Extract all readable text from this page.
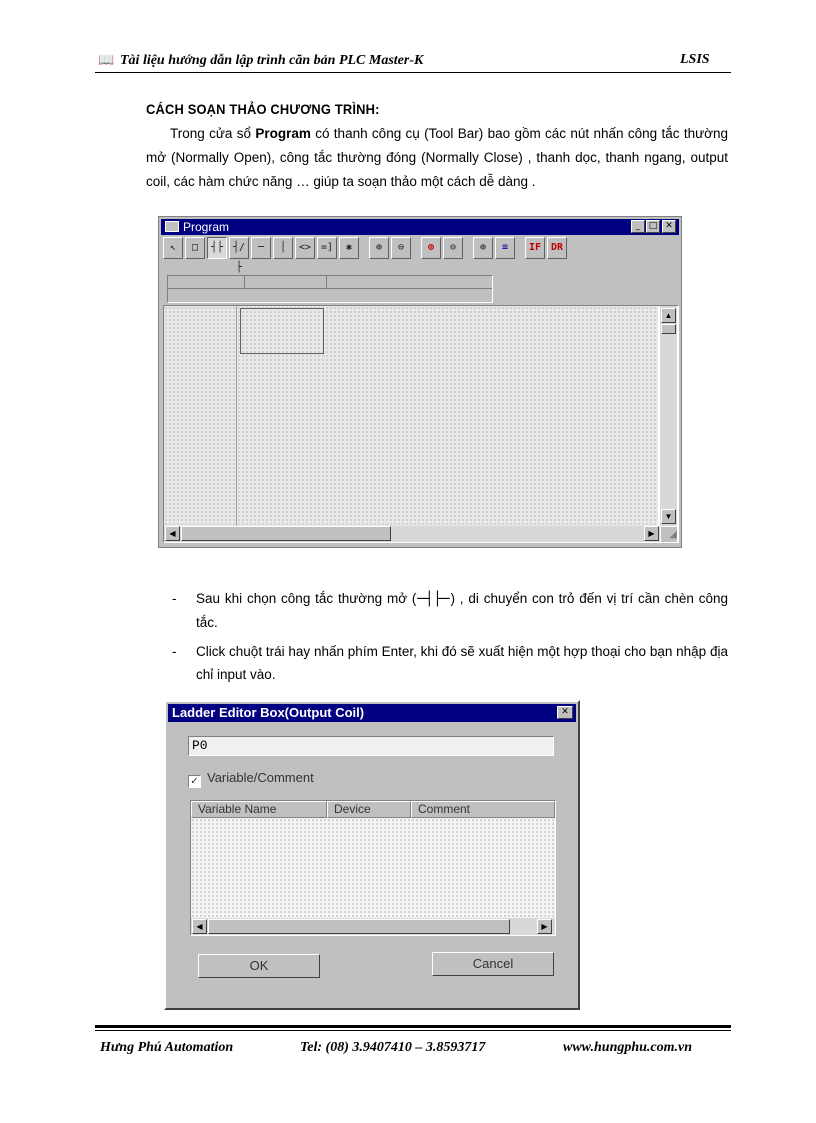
📖 Tài liệu hướng dẫn lập trình căn bản PLC Master-K	LSIS
CÁCH SOẠN THẢO CHƯƠNG TRÌNH:

Trong cửa sổ Program có thanh công cụ (Tool Bar) bao gồm các nút nhấn công tắc thường mở (Normally Open), công tắc thường đóng (Normally Close) , thanh dọc, thanh ngang, output coil, các hàm chức năng … giúp ta soạn thảo một cách dễ dàng .

Program	_ □ ✕
↖	□	┤├ ┤/├
─	│	<> =]	✱	⊕	⊖	⊕	⊖	⊕	≡	IF DR
▲
▼
◀	▶	◢
- Sau khi chọn công tắc thường mở (─┤├─) , di chuyển con trỏ đến vị trí cần chèn công tắc.
- Click chuột trái hay nhấn phím Enter, khi đó sẽ xuất hiện một hợp thoại cho bạn nhập địa chỉ input vào.
Ladder Editor Box(Output Coil)	✕
P0
✓ Variable/Comment
Variable Name	Device	Comment
◀	▶
OK	Cancel
Hưng Phú Automation	Tel: (08) 3.9407410 – 3.8593717	www.hungphu.com.vn
